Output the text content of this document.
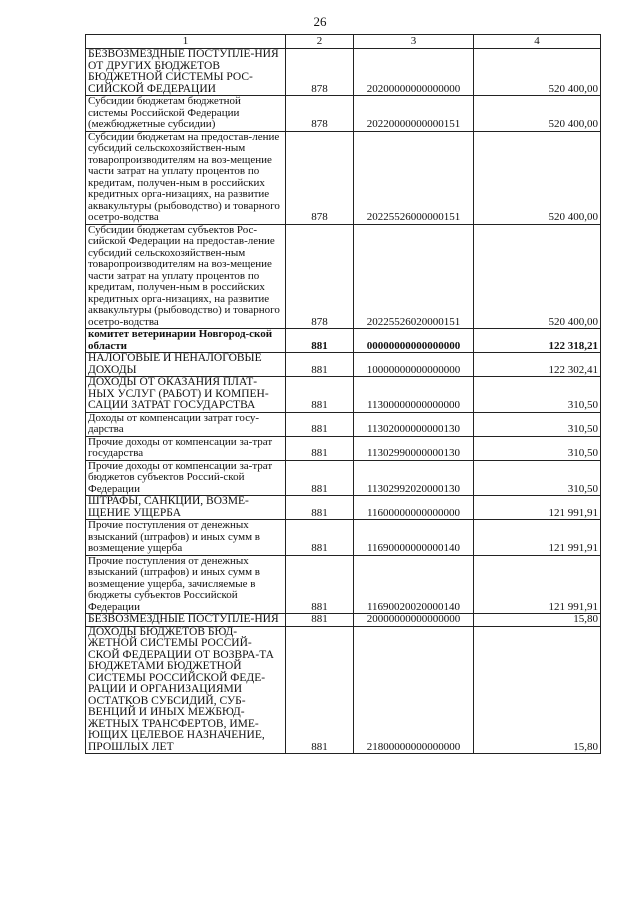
26
1	2	3	4
БЕЗВОЗМЕЗДНЫЕ ПОСТУПЛЕ-НИЯ ОТ ДРУГИХ БЮДЖЕТОВ БЮДЖЕТНОЙ СИСТЕМЫ РОС-СИЙСКОЙ ФЕДЕРАЦИИ	878	20200000000000000	520 400,00
Субсидии бюджетам бюджетной системы Российской Федерации (межбюджетные субсидии)	878	20220000000000151	520 400,00
Субсидии бюджетам на предостав-ление субсидий сельскохозяйствен-ным товаропроизводителям на воз-мещение части затрат на уплату процентов по кредитам, получен-ным в российских кредитных орга-низациях, на развитие аквакультуры (рыбоводство) и товарного осетро-водства	878	20225526000000151	520 400,00
Субсидии бюджетам субъектов Рос-сийской Федерации на предостав-ление субсидий сельскохозяйствен-ным товаропроизводителям на воз-мещение части затрат на уплату процентов по кредитам, получен-ным в российских кредитных орга-низациях, на развитие аквакультуры (рыбоводство) и товарного осетро-водства	878	20225526020000151	520 400,00
комитет ветеринарии Новгород-ской области	881	00000000000000000	122 318,21
НАЛОГОВЫЕ И НЕНАЛОГОВЫЕ ДОХОДЫ	881	10000000000000000	122 302,41
ДОХОДЫ ОТ ОКАЗАНИЯ ПЛАТ-НЫХ УСЛУГ (РАБОТ) И КОМПЕН-САЦИИ ЗАТРАТ ГОСУДАРСТВА	881	11300000000000000	310,50
Доходы от компенсации затрат госу-дарства	881	11302000000000130	310,50
Прочие доходы от компенсации за-трат государства	881	11302990000000130	310,50
Прочие доходы от компенсации за-трат бюджетов субъектов Россий-ской Федерации	881	11302992020000130	310,50
ШТРАФЫ, САНКЦИИ, ВОЗМЕ-ЩЕНИЕ УЩЕРБА	881	11600000000000000	121 991,91
Прочие поступления от денежных взысканий (штрафов) и иных сумм в возмещение ущерба	881	11690000000000140	121 991,91
Прочие поступления от денежных взысканий (штрафов) и иных сумм в возмещение ущерба, зачисляемые в бюджеты субъектов Российской Федерации	881	11690020020000140	121 991,91
БЕЗВОЗМЕЗДНЫЕ ПОСТУПЛЕ-НИЯ	881	20000000000000000	15,80
ДОХОДЫ БЮДЖЕТОВ БЮД-ЖЕТНОЙ СИСТЕМЫ РОССИЙ-СКОЙ ФЕДЕРАЦИИ ОТ ВОЗВРА-ТА БЮДЖЕТАМИ БЮДЖЕТНОЙ СИСТЕМЫ РОССИЙСКОЙ ФЕДЕ-РАЦИИ И ОРГАНИЗАЦИЯМИ ОСТАТКОВ СУБСИДИЙ, СУБ-ВЕНЦИЙ И ИНЫХ МЕЖБЮД-ЖЕТНЫХ ТРАНСФЕРТОВ, ИМЕ-ЮЩИХ ЦЕЛЕВОЕ НАЗНАЧЕНИЕ, ПРОШЛЫХ ЛЕТ	881	21800000000000000	15,80
